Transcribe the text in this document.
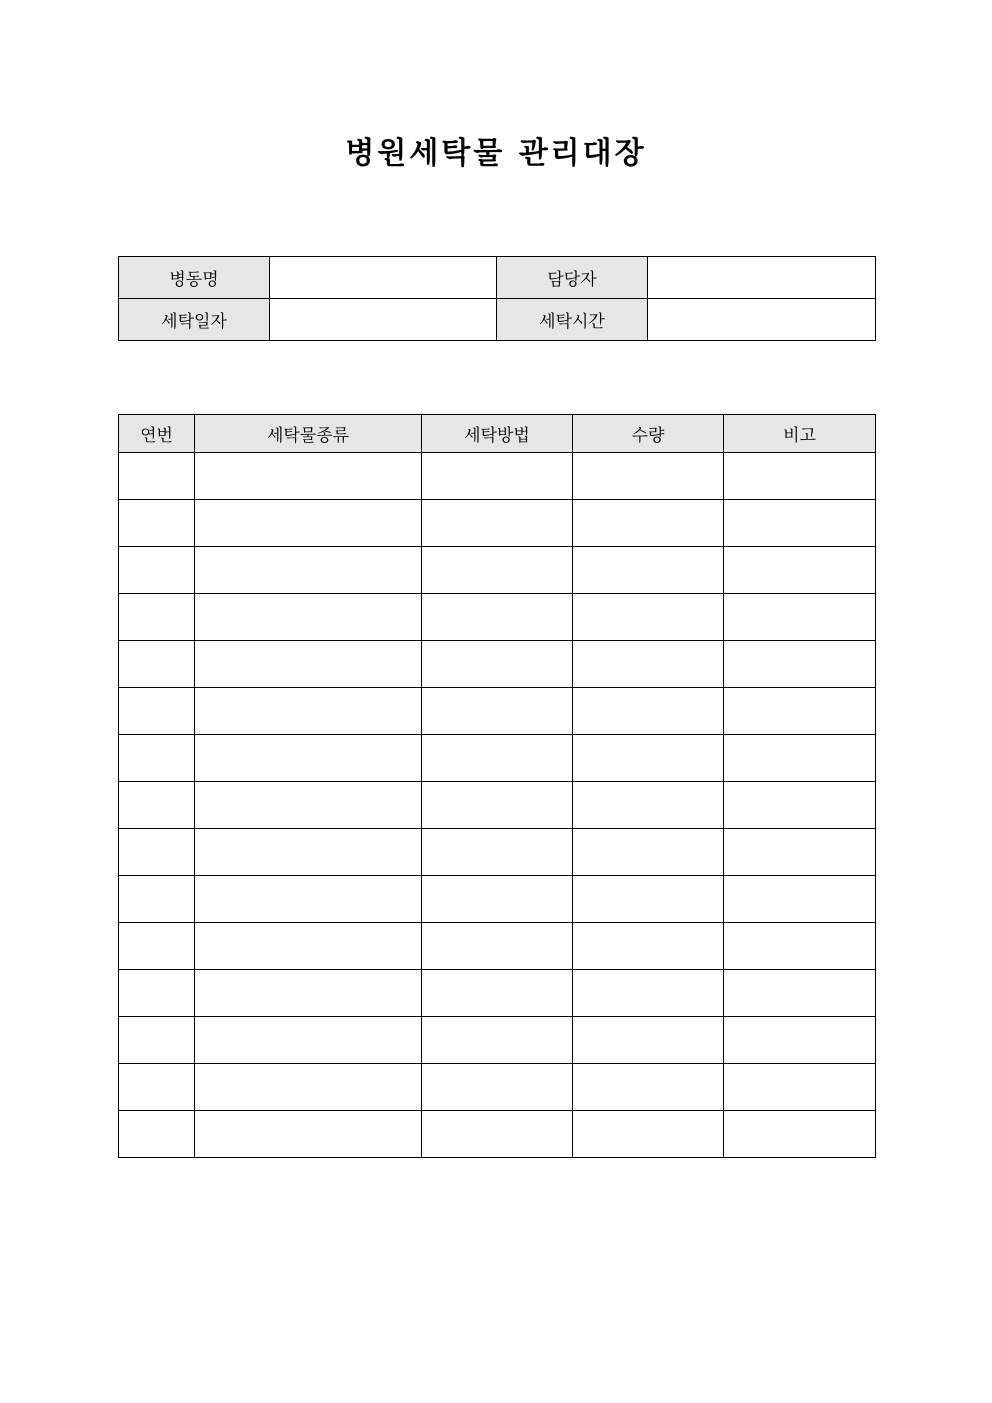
병원세탁물 관리대장
병동명		담당자	
세탁일자		세탁시간	
연번	세탁물종류	세탁방법	수량	비고
